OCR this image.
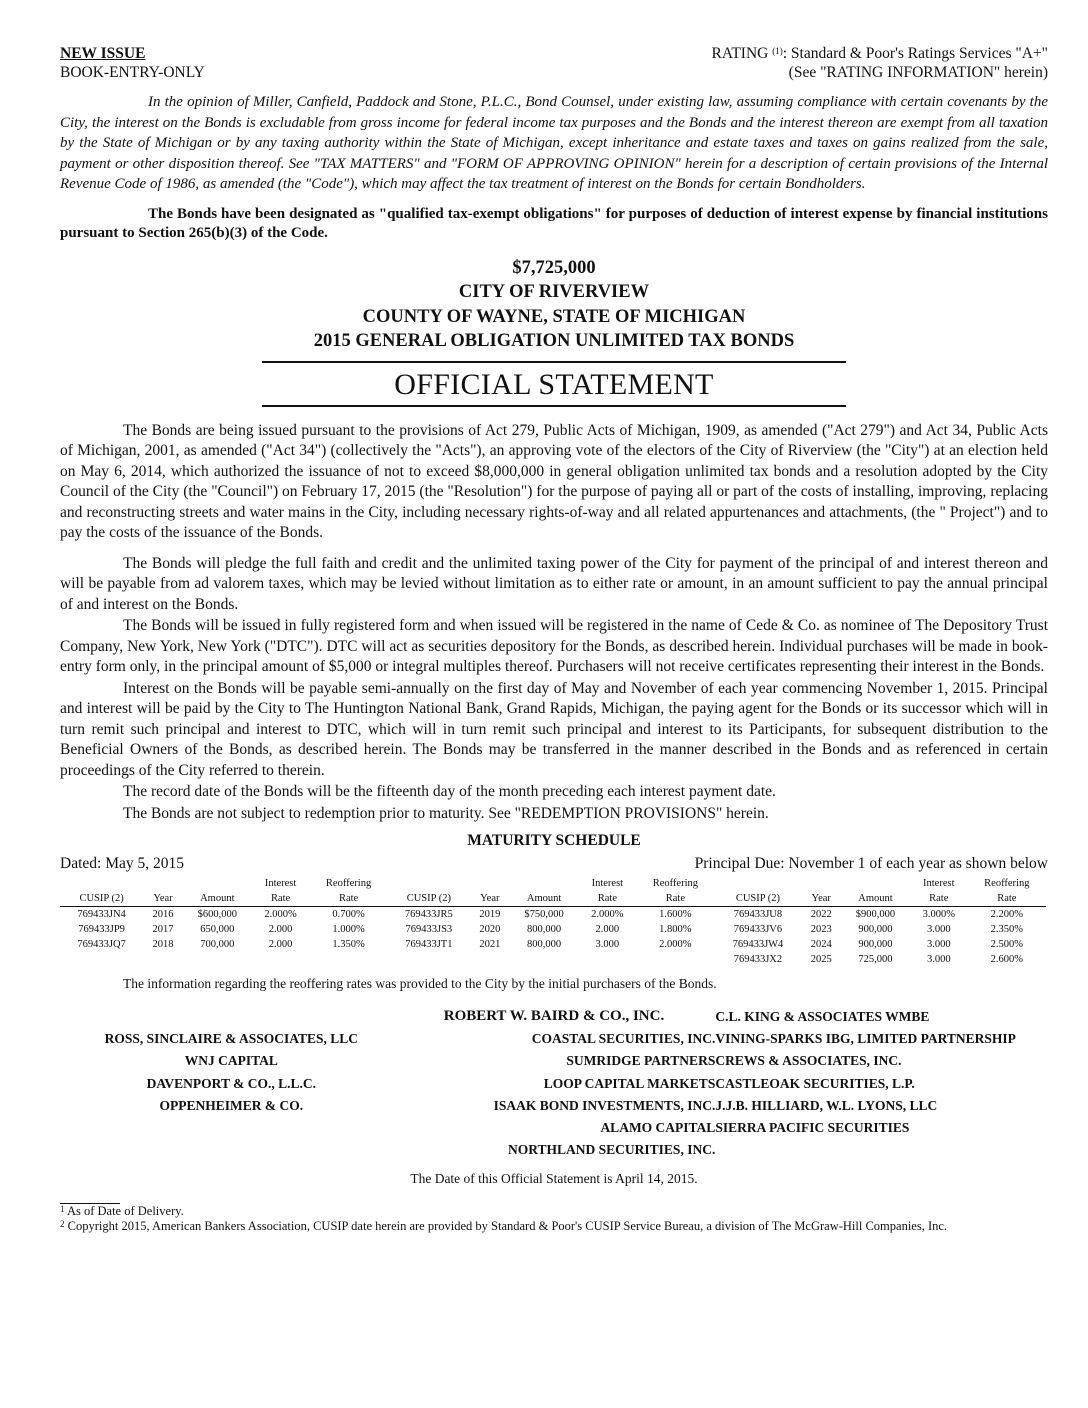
NEW ISSUE
BOOK-ENTRY-ONLY
RATING $^{(1)}$: Standard & Poor's Ratings Services "A+"
(See "RATING INFORMATION" herein)
In the opinion of Miller, Canfield, Paddock and Stone, P.L.C., Bond Counsel, under existing law, assuming compliance with certain covenants by the City, the interest on the Bonds is excludable from gross income for federal income tax purposes and the Bonds and the interest thereon are exempt from all taxation by the State of Michigan or by any taxing authority within the State of Michigan, except inheritance and estate taxes and taxes on gains realized from the sale, payment or other disposition thereof. See "TAX MATTERS" and "FORM OF APPROVING OPINION" herein for a description of certain provisions of the Internal Revenue Code of 1986, as amended (the "Code"), which may affect the tax treatment of interest on the Bonds for certain Bondholders.
The Bonds have been designated as "qualified tax-exempt obligations" for purposes of deduction of interest expense by financial institutions pursuant to Section 265(b)(3) of the Code.
$7,725,000
CITY OF RIVERVIEW
COUNTY OF WAYNE, STATE OF MICHIGAN
2015 GENERAL OBLIGATION UNLIMITED TAX BONDS
OFFICIAL STATEMENT

The Bonds are being issued pursuant to the provisions of Act 279, Public Acts of Michigan, 1909, as amended ("Act 279") and Act 34, Public Acts of Michigan, 2001, as amended ("Act 34") (collectively the "Acts"), an approving vote of the electors of the City of Riverview (the "City") at an election held on May 6, 2014, which authorized the issuance of not to exceed $8,000,000 in general obligation unlimited tax bonds and a resolution adopted by the City Council of the City (the "Council") on February 17, 2015 (the "Resolution") for the purpose of paying all or part of the costs of installing, improving, replacing and reconstructing streets and water mains in the City, including necessary rights-of-way and all related appurtenances and attachments, (the " Project") and to pay the costs of the issuance of the Bonds.

The Bonds will pledge the full faith and credit and the unlimited taxing power of the City for payment of the principal of and interest thereon and will be payable from ad valorem taxes, which may be levied without limitation as to either rate or amount, in an amount sufficient to pay the annual principal of and interest on the Bonds.

The Bonds will be issued in fully registered form and when issued will be registered in the name of Cede & Co. as nominee of The Depository Trust Company, New York, New York ("DTC"). DTC will act as securities depository for the Bonds, as described herein. Individual purchases will be made in book-entry form only, in the principal amount of $5,000 or integral multiples thereof. Purchasers will not receive certificates representing their interest in the Bonds.

Interest on the Bonds will be payable semi-annually on the first day of May and November of each year commencing November 1, 2015. Principal and interest will be paid by the City to The Huntington National Bank, Grand Rapids, Michigan, the paying agent for the Bonds or its successor which will in turn remit such principal and interest to DTC, which will in turn remit such principal and interest to its Participants, for subsequent distribution to the Beneficial Owners of the Bonds, as described herein. The Bonds may be transferred in the manner described in the Bonds and as referenced in certain proceedings of the City referred to therein.

The record date of the Bonds will be the fifteenth day of the month preceding each interest payment date.

The Bonds are not subject to redemption prior to maturity. See "REDEMPTION PROVISIONS" herein.

MATURITY SCHEDULE
Dated: May 5, 2015	Principal Due: November 1 of each year as shown below
			Interest	Reoffering				Interest	Reoffering				Interest	Reoffering
CUSIP (2)	Year	Amount	Rate	Rate	CUSIP (2)	Year	Amount	Rate	Rate	CUSIP (2)	Year	Amount	Rate	Rate
769433JN4	2016	$600,000	2.000%	0.700%	769433JR5	2019	$750,000	2.000%	1.600%	769433JU8	2022	$900,000	3.000%	2.200%
769433JP9	2017	650,000	2.000	1.000%	769433JS3	2020	800,000	2.000	1.800%	769433JV6	2023	900,000	3.000	2.350%
769433JQ7	2018	700,000	2.000	1.350%	769433JT1	2021	800,000	3.000	2.000%	769433JW4	2024	900,000	3.000	2.500%
										769433JX2	2025	725,000	3.000	2.600%
The information regarding the reoffering rates was provided to the City by the initial purchasers of the Bonds.
ROBERT W. BAIRD & CO., INC.	C.L. KING & ASSOCIATES WMBE
ROSS, SINCLAIRE & ASSOCIATES, LLC	COASTAL SECURITIES, INC. VINING-SPARKS IBG, LIMITED PARTNERSHIP
WNJ CAPITAL	SUMRIDGE PARTNERS CREWS & ASSOCIATES, INC.
DAVENPORT & CO., L.L.C.	LOOP CAPITAL MARKETS CASTLEOAK SECURITIES, L.P.
OPPENHEIMER & CO.	ISAAK BOND INVESTMENTS, INC. J.J.B. HILLIARD, W.L. LYONS, LLC
ALAMO CAPITAL SIERRA PACIFIC SECURITIES
NORTHLAND SECURITIES, INC.
The Date of this Official Statement is April 14, 2015.
$^1$ As of Date of Delivery.
$^2$ Copyright 2015, American Bankers Association, CUSIP date herein are provided by Standard & Poor's CUSIP Service Bureau, a division of The McGraw-Hill Companies, Inc.
